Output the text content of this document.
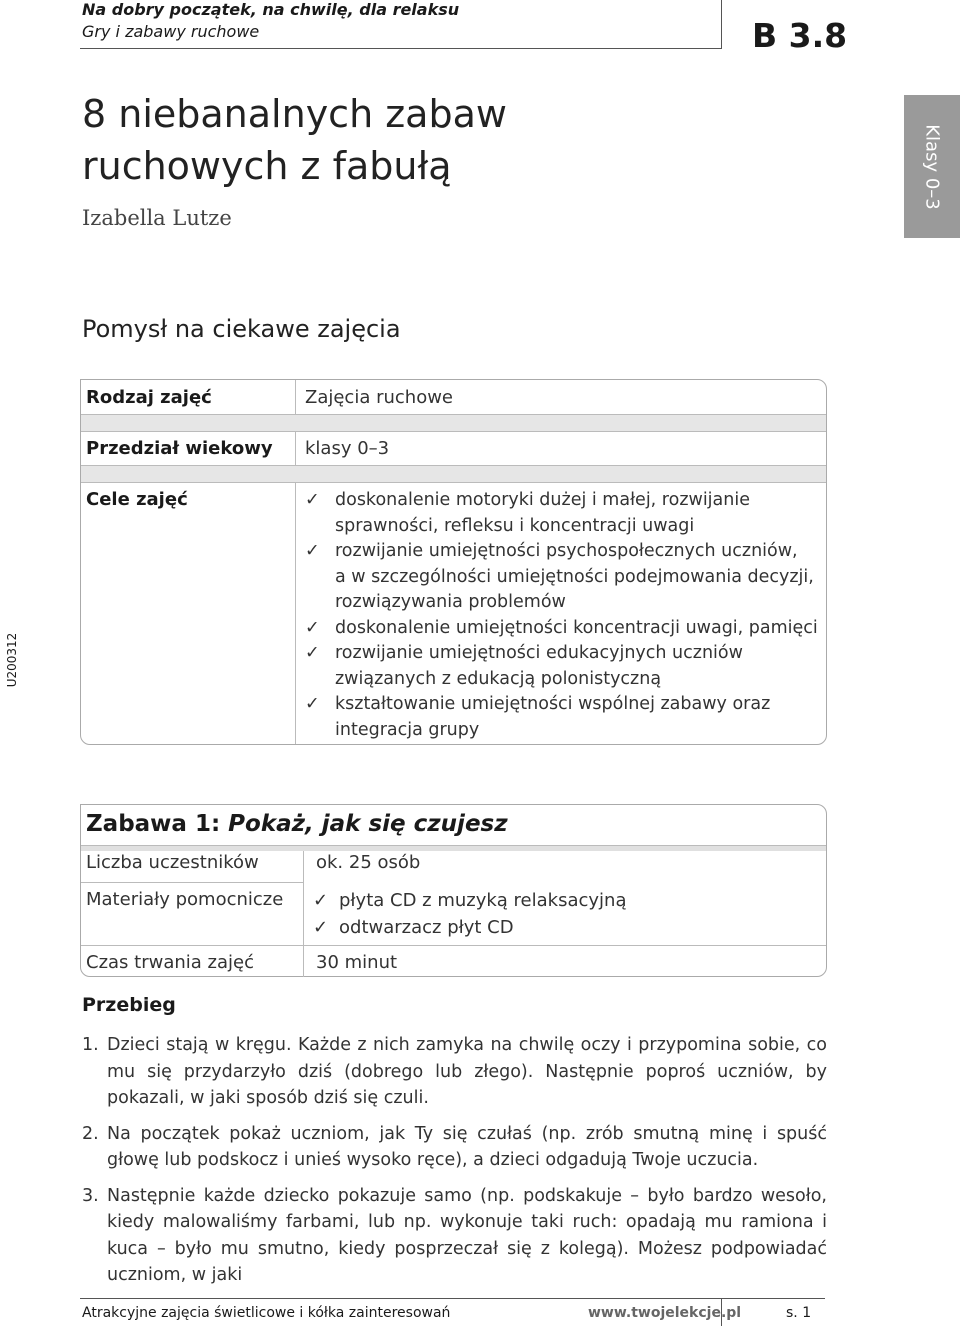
Na dobry początek, na chwilę, dla relaksu
Gry i zabawy ruchowe	B 3.8
8 niebanalnych zabaw
ruchowych z fabułą
Izabella Lutze
Klasy 0–3
U200312
Pomysł na ciekawe zajęcia
Rodzaj zajęć	Zajęcia ruchowe
Przedział wiekowy klasy 0–3
Cele zajęć	✓ doskonalenie motoryki dużej i małej, rozwijanie
sprawności, refleksu i koncentracji uwagi
✓ rozwijanie umiejętności psychospołecznych uczniów,
a w szczególności umiejętności podejmowania decyzji,
rozwiązywania problemów
✓ doskonalenie umiejętności koncentracji uwagi, pamięci
✓ rozwijanie umiejętności edukacyjnych uczniów
związanych z edukacją polonistyczną
✓ kształtowanie umiejętności wspólnej zabawy oraz
integracja grupy
Zabawa 1: Pokaż, jak się czujesz
Liczba uczestników	ok. 25 osób
Materiały pomocnicze ✓ płyta CD z muzyką relaksacyjną
✓ odtwarzacz płyt CD
Czas trwania zajęć	30 minut
Przebieg
1. Dzieci stają w kręgu. Każde z nich zamyka na chwilę oczy i przypomina sobie, co mu się przydarzyło dziś (dobrego lub złego). Następnie poproś uczniów, by pokazali, w jaki sposób dziś się czuli.
2. Na początek pokaż uczniom, jak Ty się czułaś (np. zrób smutną minę i spuść głowę lub podskocz i unieś wysoko ręce), a dzieci odgadują Twoje uczucia.
3. Następnie każde dziecko pokazuje samo (np. podskakuje – było bardzo wesoło, kiedy malowaliśmy farbami, lub np. wykonuje taki ruch: opadają mu ramiona i kuca – było mu smutno, kiedy posprzeczał się z kolegą). Możesz podpowiadać uczniom, w jaki
Atrakcyjne zajęcia świetlicowe i kółka zainteresowań	www.twojelekcje.pl	s. 1
